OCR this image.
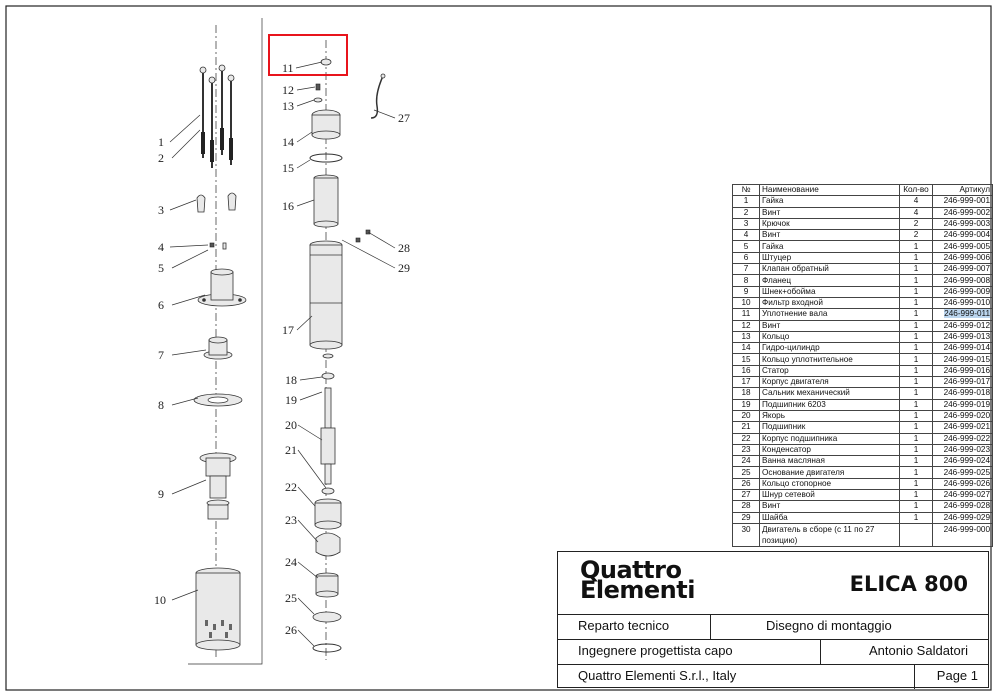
1
2
3
4
5
6
7
8
9
10
11
12
13
14
15
16
17
18
19
20
21
22
23
24
25
26
27
28
29
№	Наименование	Кол-во	Артикул
1	Гайка	4	246-999-001
2	Винт	4	246-999-002
3	Крючок	2	246-999-003
4	Винт	2	246-999-004
5	Гайка	1	246-999-005
6	Штуцер	1	246-999-006
7	Клапан обратный	1	246-999-007
8	Фланец	1	246-999-008
9	Шнек+обойма	1	246-999-009
10	Фильтр входной	1	246-999-010
11	Уплотнение вала	1	246-999-011
12	Винт	1	246-999-012
13	Кольцо	1	246-999-013
14	Гидро-цилиндр	1	246-999-014
15	Кольцо уплотнительное	1	246-999-015
16	Статор	1	246-999-016
17	Корпус двигателя	1	246-999-017
18	Сальник механический	1	246-999-018
19	Подшипник 6203	1	246-999-019
20	Якорь	1	246-999-020
21	Подшипник	1	246-999-021
22	Корпус подшипника	1	246-999-022
23	Конденсатор	1	246-999-023
24	Ванна масляная	1	246-999-024
25	Основание двигателя	1	246-999-025
26	Кольцо стопорное	1	246-999-026
27	Шнур сетевой	1	246-999-027
28	Винт	1	246-999-028
29	Шайба	1	246-999-029
30	Двигатель в сборе (с 11 по 27 позицию)		246-999-000
Quattro
Elementi	ELICA 800
Reparto tecnico	Disegno di montaggio
Ingegnere progettista capo	Antonio Saldatori
Quattro Elementi S.r.l., Italy	Page 1
